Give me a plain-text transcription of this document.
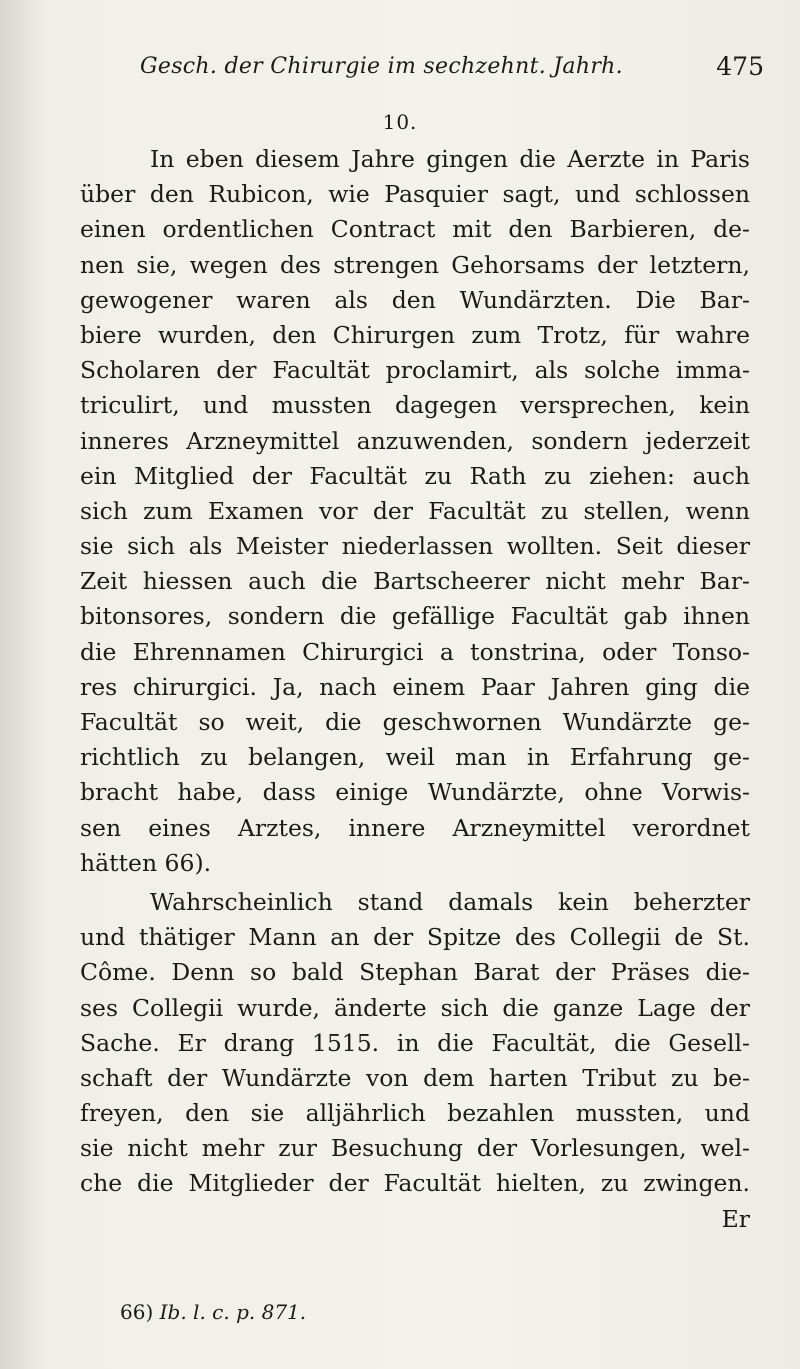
Gesch. der Chirurgie im sechzehnt. Jahrh.	475
10.
In eben diesem Jahre gingen die Aerzte in Paris
über den Rubicon, wie Pasquier sagt, und schlossen
einen ordentlichen Contract mit den Barbieren, de-
nen sie, wegen des strengen Gehorsams der letztern,
gewogener waren als den Wundärzten. Die Bar-
biere wurden, den Chirurgen zum Trotz, für wahre
Scholaren der Facultät proclamirt, als solche imma-
triculirt, und mussten dagegen versprechen, kein
inneres Arzneymittel anzuwenden, sondern jederzeit
ein Mitglied der Facultät zu Rath zu ziehen: auch
sich zum Examen vor der Facultät zu stellen, wenn
sie sich als Meister niederlassen wollten. Seit dieser
Zeit hiessen auch die Bartscheerer nicht mehr Bar-
bitonsores, sondern die gefällige Facultät gab ihnen
die Ehrennamen Chirurgici a tonstrina, oder Tonso-
res chirurgici. Ja, nach einem Paar Jahren ging die
Facultät so weit, die geschwornen Wundärzte ge-
richtlich zu belangen, weil man in Erfahrung ge-
bracht habe, dass einige Wundärzte, ohne Vorwis-
sen eines Arztes, innere Arzneymittel verordnet
hätten 66).
Wahrscheinlich stand damals kein beherzter
und thätiger Mann an der Spitze des Collegii de St.
Côme. Denn so bald Stephan Barat der Präses die-
ses Collegii wurde, änderte sich die ganze Lage der
Sache. Er drang 1515. in die Facultät, die Gesell-
schaft der Wundärzte von dem harten Tribut zu be-
freyen, den sie alljährlich bezahlen mussten, und
sie nicht mehr zur Besuchung der Vorlesungen, wel-
che die Mitglieder der Facultät hielten, zu zwingen.
Er
66) Ib. l. c. p. 871.
